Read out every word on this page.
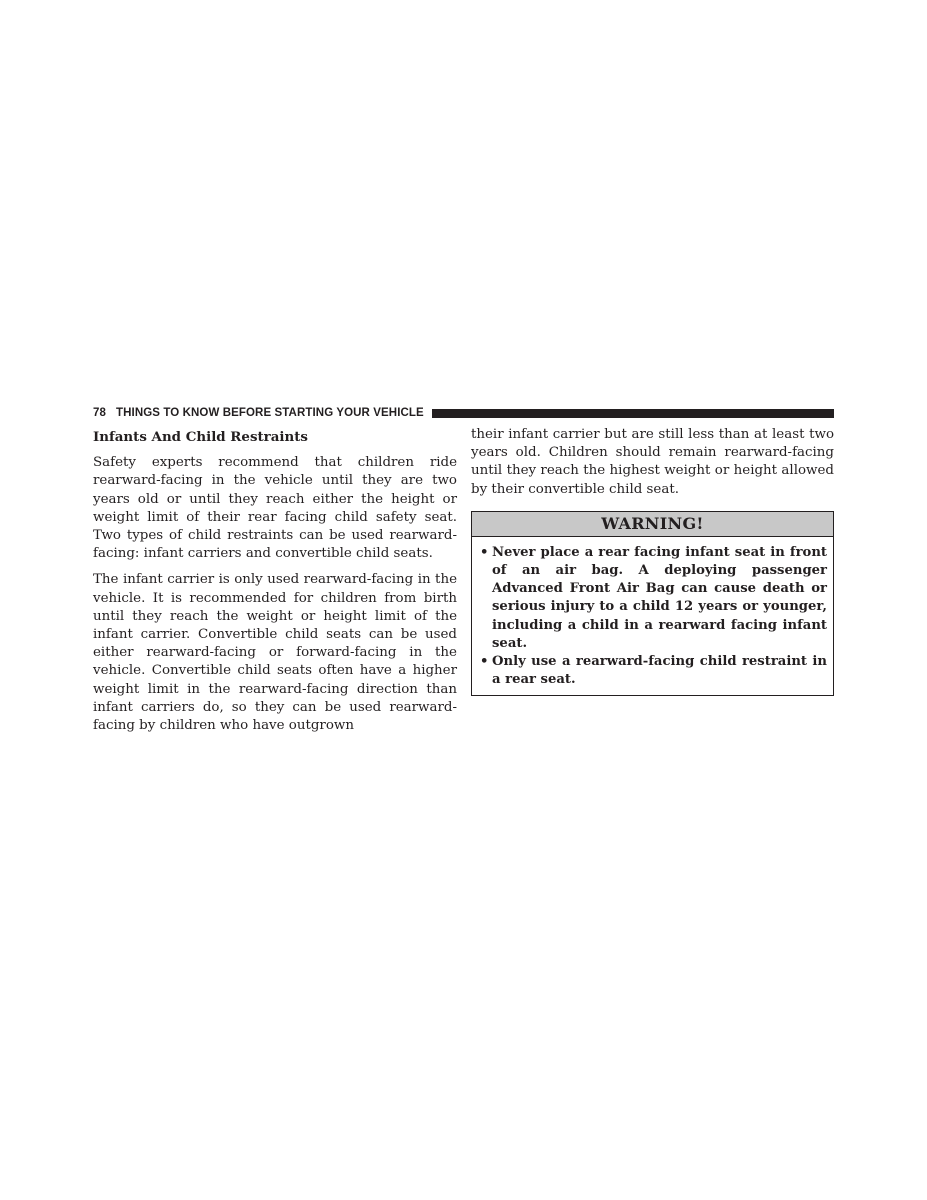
78 THINGS TO KNOW BEFORE STARTING YOUR VEHICLE
Infants And Child Restraints

Safety experts recommend that children ride rearward-facing in the vehicle until they are two years old or until they reach either the height or weight limit of their rear facing child safety seat. Two types of child restraints can be used rearward-facing: infant carriers and convertible child seats.

The infant carrier is only used rearward-facing in the vehicle. It is recommended for children from birth until they reach the weight or height limit of the infant carrier. Convertible child seats can be used either rearward-facing or forward-facing in the vehicle. Convertible child seats often have a higher weight limit in the rearward-facing direction than infant carriers do, so they can be used rearward-facing by children who have outgrown

their infant carrier but are still less than at least two years old. Children should remain rearward-facing until they reach the highest weight or height allowed by their convertible child seat.

WARNING!
• Never place a rear facing infant seat in front of an air bag. A deploying passenger Advanced Front Air Bag can cause death or serious injury to a child 12 years or younger, including a child in a rearward facing infant seat.
• Only use a rearward-facing child restraint in a rear seat.
